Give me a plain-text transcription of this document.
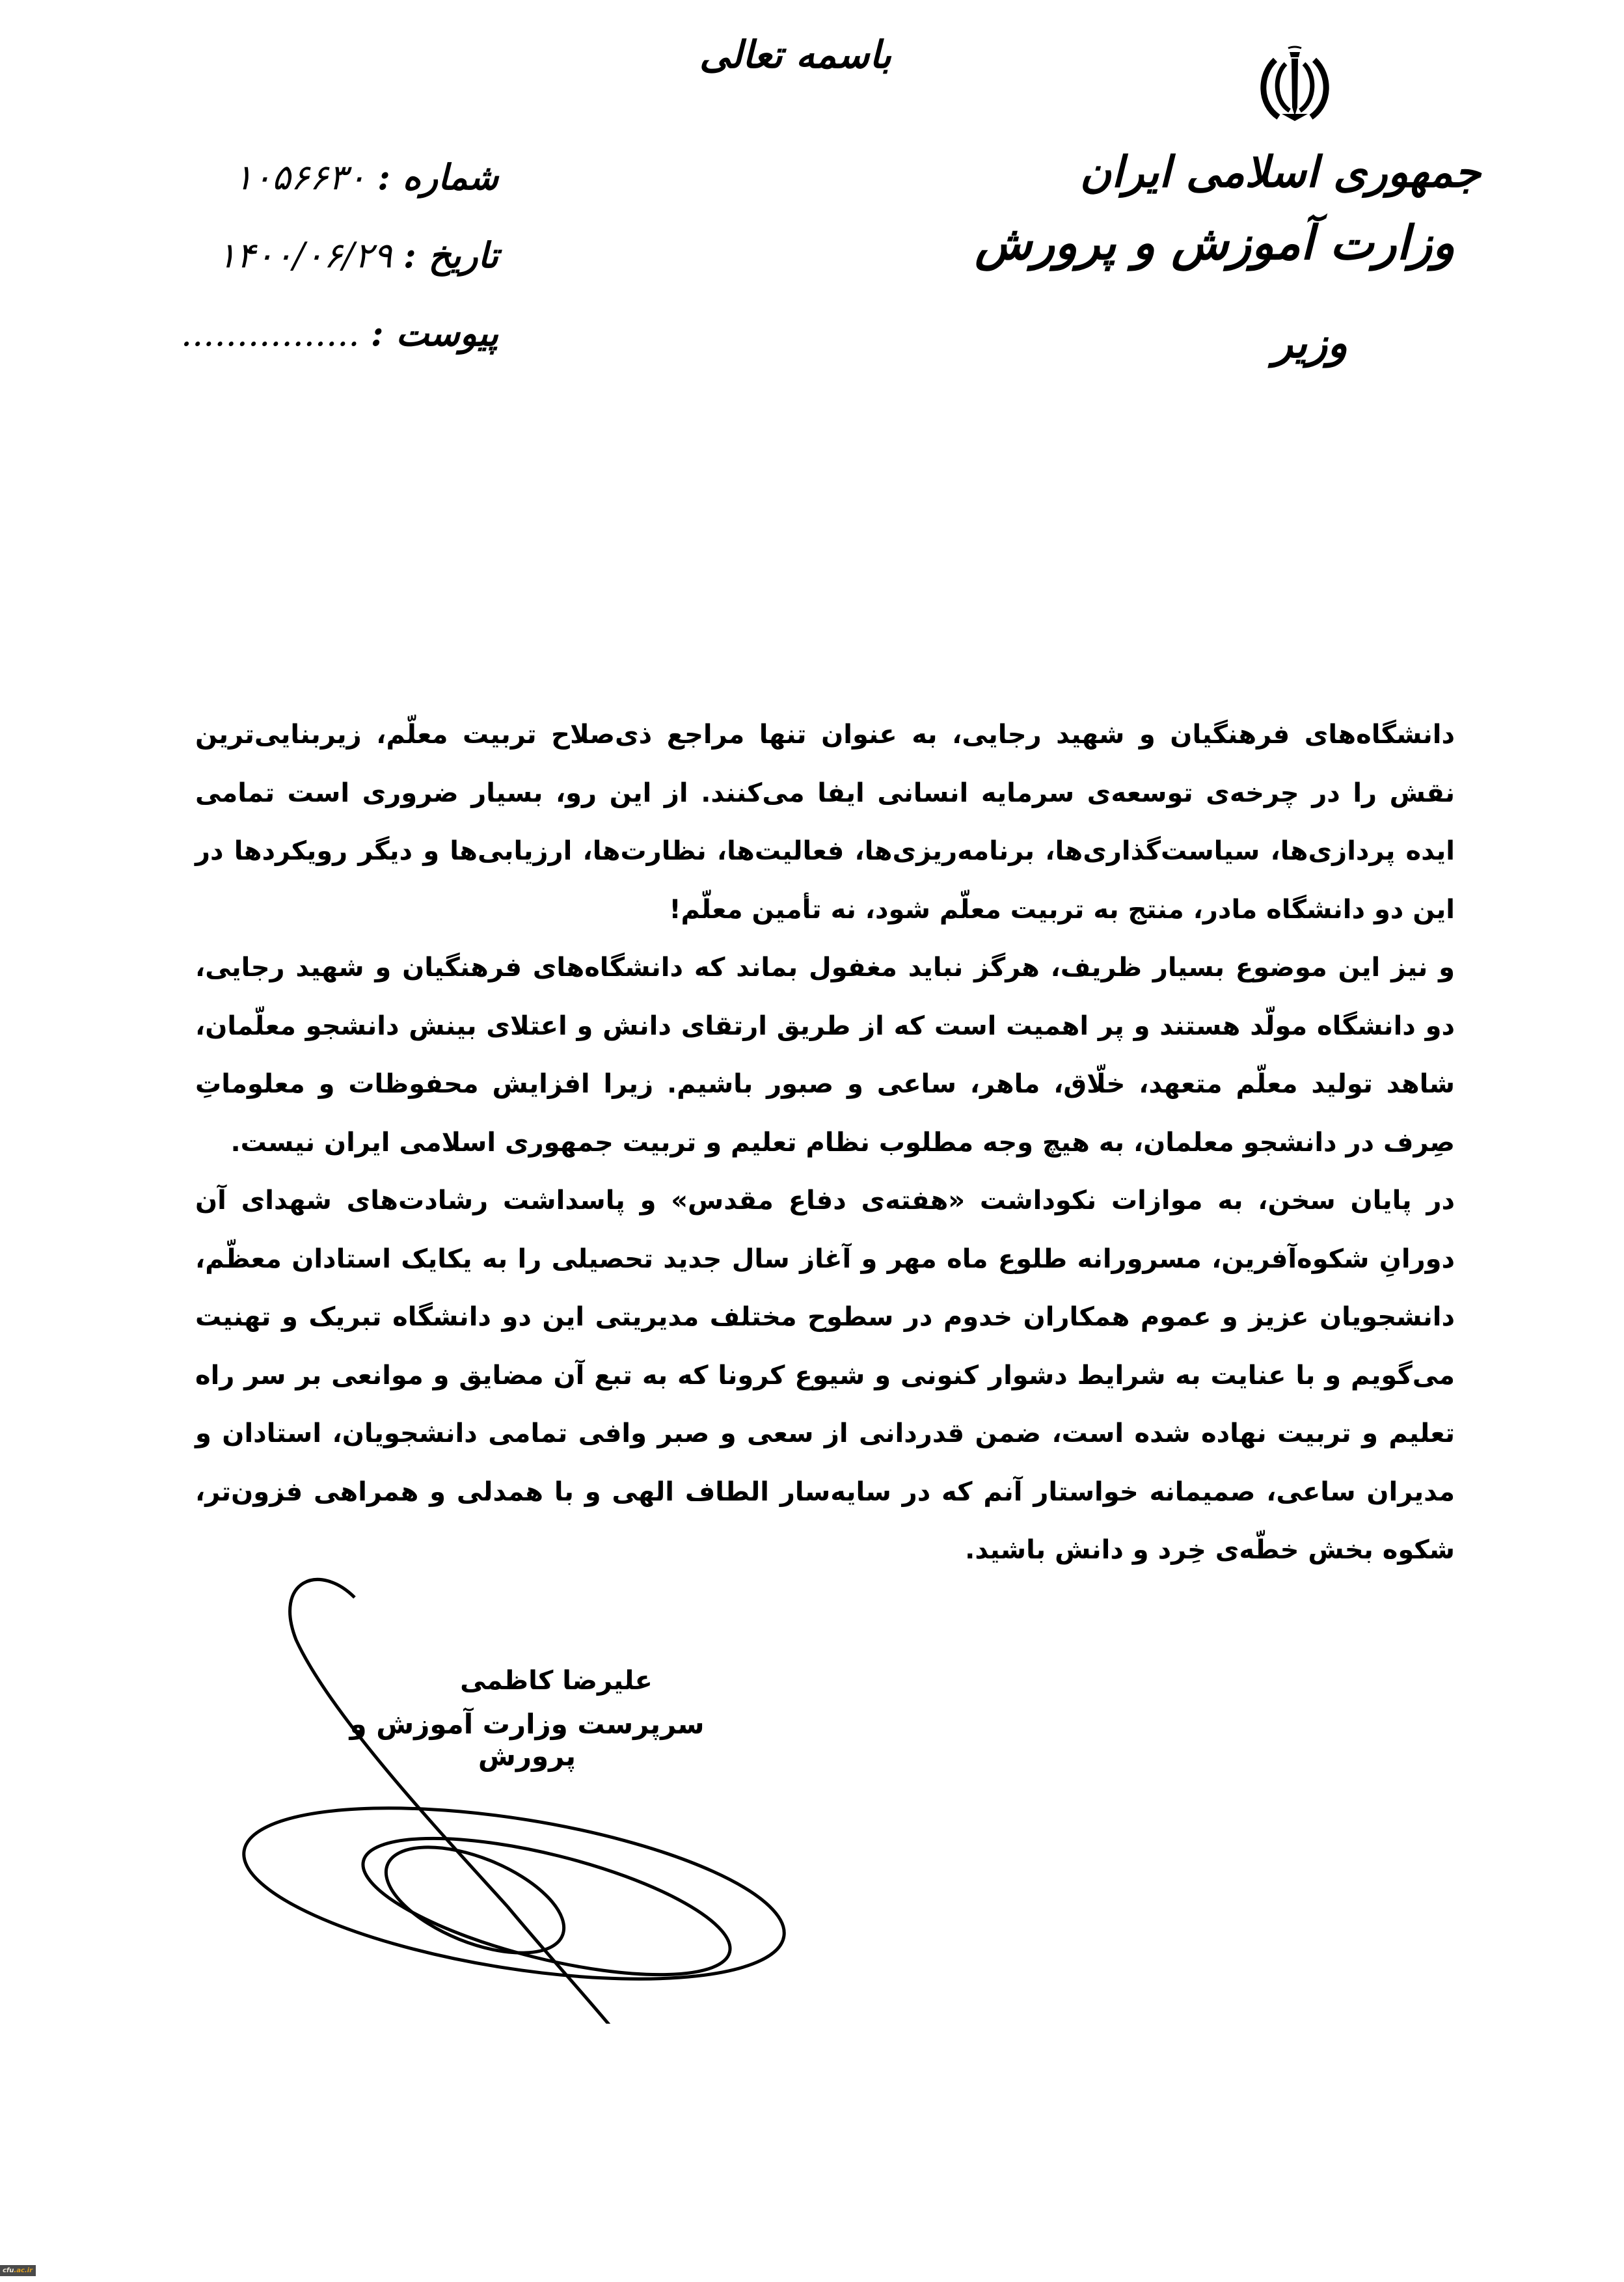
باسمه تعالی
جمهوری اسلامی ایران
وزارت آموزش و پرورش
وزیر
شماره : ۱۰۵۶۶۳۰
تاریخ : ۱۴۰۰/۰۶/۲۹
پیوست : ................

دانشگاه‌های فرهنگیان و شهید رجایی، به عنوان تنها مراجع ذی‌صلاح تربیت معلّم، زیربنایی‌ترین نقش را در چرخه‌ی توسعه‌ی سرمایه انسانی ایفا می‌کنند. از این رو، بسیار ضروری است تمامی ایده پردازی‌ها، سیاست‌گذاری‌ها، برنامه‌ریزی‌ها، فعالیت‌ها، نظارت‌ها، ارزیابی‌ها و دیگر رویکردها در این دو دانشگاه مادر، منتج به تربیت معلّم شود، نه تأمین معلّم!

و نیز این موضوع بسیار ظریف، هرگز نباید مغفول بماند که دانشگاه‌های فرهنگیان و شهید رجایی، دو دانشگاه مولّد هستند و پر اهمیت است که از طریق ارتقای دانش و اعتلای بینش دانشجو معلّمان، شاهد تولید معلّم متعهد، خلّاق، ماهر، ساعی و صبور باشیم. زیرا افزایش محفوظات و معلوماتِ صِرف در دانشجو معلمان، به هیچ وجه مطلوب نظام تعلیم و تربیت جمهوری اسلامی ایران نیست.

در پایان سخن، به موازات نکوداشت «هفته‌ی دفاع مقدس» و پاسداشت رشادت‌های شهدای آن دورانِ شکوه‌آفرین، مسرورانه طلوع ماه مهر و آغاز سال جدید تحصیلی را به یکایک استادان معظّم، دانشجویان عزیز و عموم همکاران خدوم در سطوح مختلف مدیریتی این دو دانشگاه تبریک و تهنیت می‌گویم و با عنایت به شرایط دشوار کنونی و شیوع کرونا که به تبع آن مضایق و موانعی بر سر راه تعلیم و تربیت نهاده شده است، ضمن قدردانی از سعی و صبر وافی تمامی دانشجویان، استادان و مدیران ساعی، صمیمانه خواستار آنم که در سایه‌سار الطاف الهی و با همدلی و همراهی فزون‌تر، شکوه بخش خطّه‌ی خِرد و دانش باشید.

علیرضا کاظمی
سرپرست وزارت آموزش و پرورش
cfu.ac.ir
